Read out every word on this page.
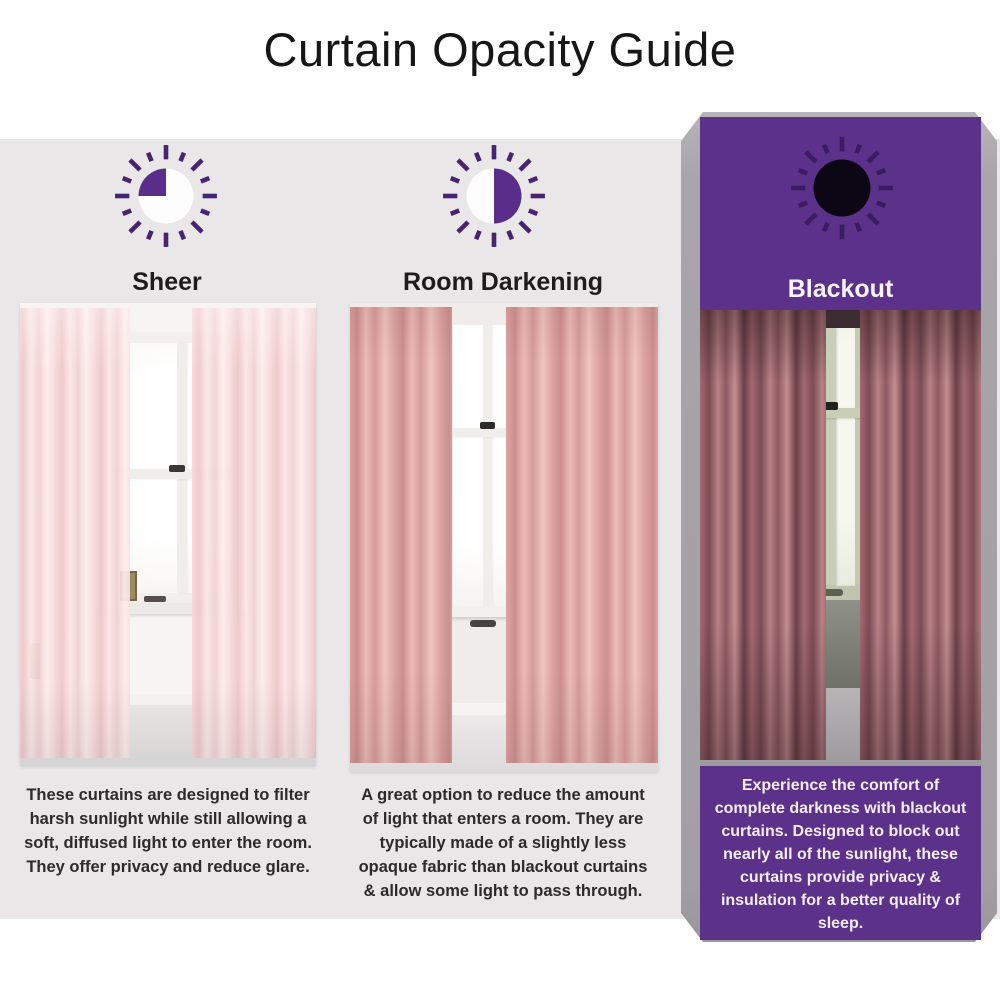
Curtain Opacity Guide
Sheer
These curtains are designed to filter harsh sunlight while still allowing a soft, diffused light to enter the room. They offer privacy and reduce glare.
Room Darkening
A great option to reduce the amount of light that enters a room. They are typically made of a slightly less opaque fabric than blackout curtains & allow some light to pass through.
Blackout
Experience the comfort of complete darkness with blackout curtains. Designed to block out nearly all of the sunlight, these curtains provide privacy & insulation for a better quality of sleep.
